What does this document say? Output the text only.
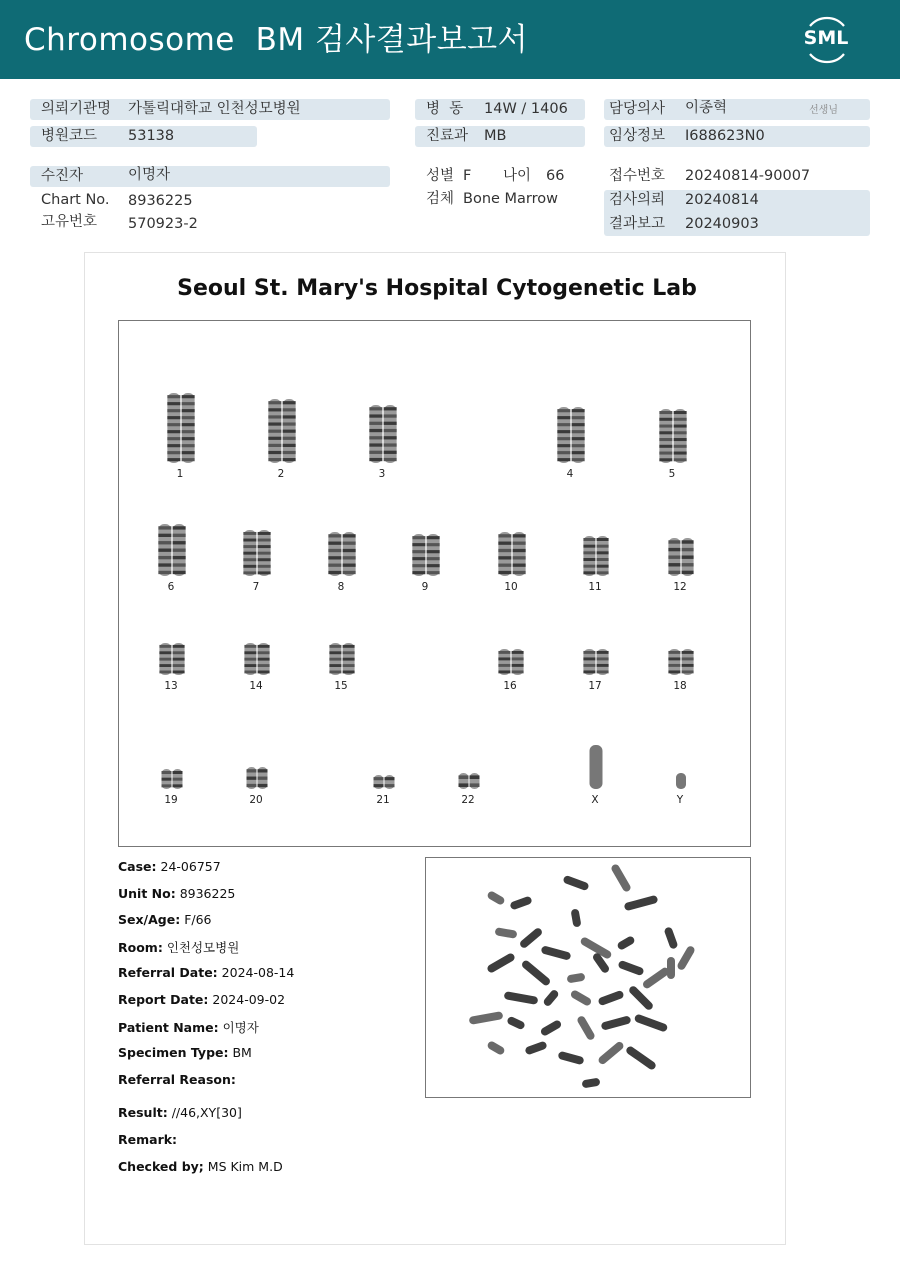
Chromosome  BM 검사결과보고서	SML
의뢰기관명 가톨릭대학교 인천성모병원
병원코드 53138
병  동 14W / 1406
진료과 MB
담당의사 이종혁	선생님
임상정보 I688623N0
수진자	이명자
Chart No. 8936225
고유번호 570923-2
성별 F 나이 66
검체 Bone Marrow
접수번호 20240814-90007
검사의뢰 20240814
결과보고 20240903
Seoul St. Mary's Hospital Cytogenetic Lab
1	2	3	4	5
6	7	8	9	10	11	12
13	14	15	16	17	18
19	20	21	22	X	Y
Case: 24-06757
Unit No: 8936225
Sex/Age: F/66
Room: 인천성모병원
Referral Date: 2024-08-14
Report Date: 2024-09-02
Patient Name: 이명자
Specimen Type: BM
Referral Reason:
Result: //46,XY[30]
Remark:
Checked by; MS Kim M.D
